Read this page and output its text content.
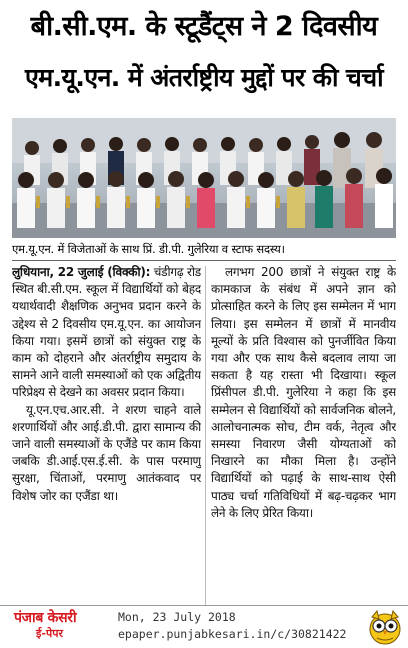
बी.सी.एम. के स्टूडैंट्स ने 2 दिवसीय
एम.यू.एन. में अंतर्राष्ट्रीय मुद्दों पर की चर्चा
एम.यू.एन. में विजेताओं के साथ प्रिं. डी.पी. गुलेरिया व स्टाफ सदस्य।

लुधियाना, 22 जुलाई (विक्की): चंडीगढ़ रोड स्थित बी.सी.एम. स्कूल में विद्यार्थियों को बेहद यथार्थवादी शैक्षणिक अनुभव प्रदान करने के उद्देश्य से 2 दिवसीय एम.यू.एन. का आयोजन किया गया। इसमें छात्रों को संयुक्त राष्ट्र के काम को दोहराने और अंतर्राष्ट्रीय समुदाय के सामने आने वाली समस्याओं को एक अद्वितीय परिप्रेक्ष्य से देखने का अवसर प्रदान किया।

यू.एन.एच.आर.सी. ने शरण चाहने वाले शरणार्थियों और आई.डी.पी. द्वारा सामान्य की जाने वाली समस्याओं के एजैंडे पर काम किया जबकि डी.आई.एस.ई.सी. के पास परमाणु सुरक्षा, चिंताओं, परमाणु आतंकवाद पर विशेष जोर का एजैंडा था।

लगभग 200 छात्रों ने संयुक्त राष्ट्र के कामकाज के संबंध में अपने ज्ञान को प्रोत्साहित करने के लिए इस सम्मेलन में भाग लिया। इस सम्मेलन में छात्रों में मानवीय मूल्यों के प्रति विश्वास को पुनर्जीवित किया गया और एक साथ कैसे बदलाव लाया जा सकता है यह रास्ता भी दिखाया। स्कूल प्रिंसीपल डी.पी. गुलेरिया ने कहा कि इस सम्मेलन से विद्यार्थियों को सार्वजनिक बोलने, आलोचनात्मक सोच, टीम वर्क, नेतृत्व और समस्या निवारण जैसी योग्यताओं को निखारने का मौका मिला है। उन्होंने विद्यार्थियों को पढ़ाई के साथ-साथ ऐसी पाठ्य चर्चा गतिविधियों में बढ़-चढ़कर भाग लेने के लिए प्रेरित किया।

पंजाब केसरी
ई-पेपर
Mon, 23 July 2018
epaper.punjabkesari.in/c/30821422
